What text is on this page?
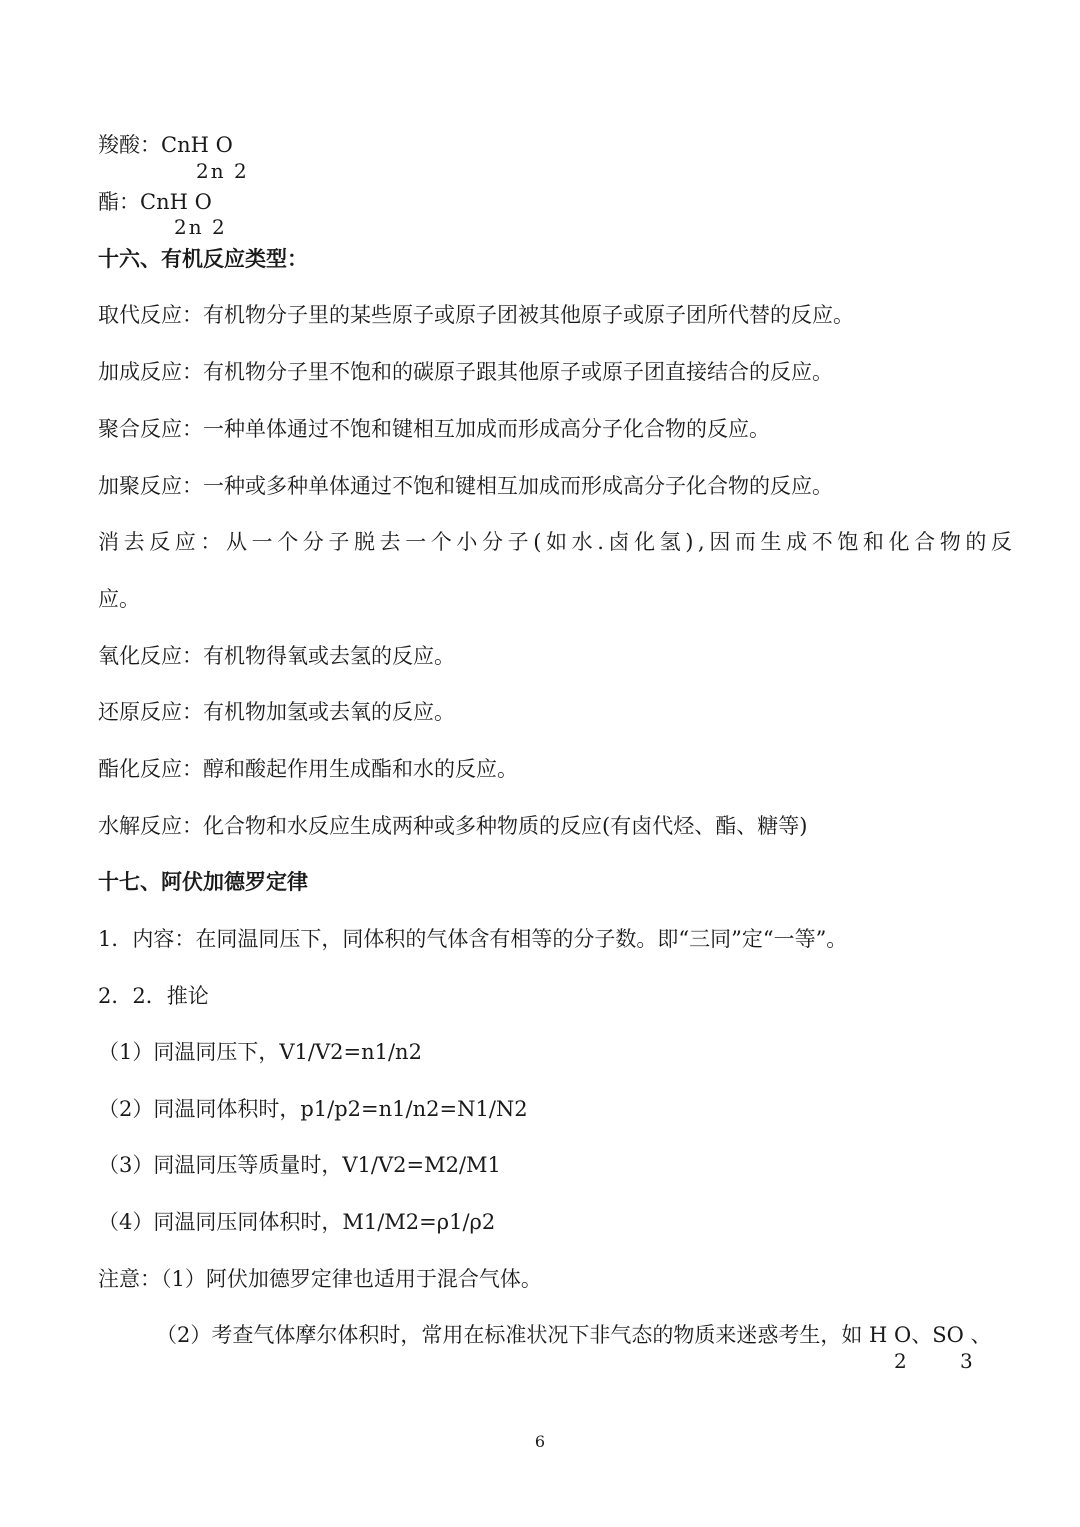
羧酸：CnH O
2n 2
酯：CnH O
2n 2
十六、有机反应类型：
取代反应：有机物分子里的某些原子或原子团被其他原子或原子团所代替的反应。
加成反应：有机物分子里不饱和的碳原子跟其他原子或原子团直接结合的反应。
聚合反应：一种单体通过不饱和键相互加成而形成高分子化合物的反应。
加聚反应：一种或多种单体通过不饱和键相互加成而形成高分子化合物的反应。
消去反应：从一个分子脱去一个小分子(如水.卤化氢),因而生成不饱和化合物的反
应。
氧化反应：有机物得氧或去氢的反应。
还原反应：有机物加氢或去氧的反应。
酯化反应：醇和酸起作用生成酯和水的反应。
水解反应：化合物和水反应生成两种或多种物质的反应(有卤代烃、酯、糖等)
十七、阿伏加德罗定律
1．内容：在同温同压下，同体积的气体含有相等的分子数。即“三同”定“一等”。
2．2．推论
（1）同温同压下，V1/V2=n1/n2
（2）同温同体积时，p1/p2=n1/n2=N1/N2
（3）同温同压等质量时，V1/V2=M2/M1
（4）同温同压同体积时，M1/M2=ρ1/ρ2
注意：（1）阿伏加德罗定律也适用于混合气体。
（2）考查气体摩尔体积时，常用在标准状况下非气态的物质来迷惑考生，如 H O、SO 、
2	3
6
